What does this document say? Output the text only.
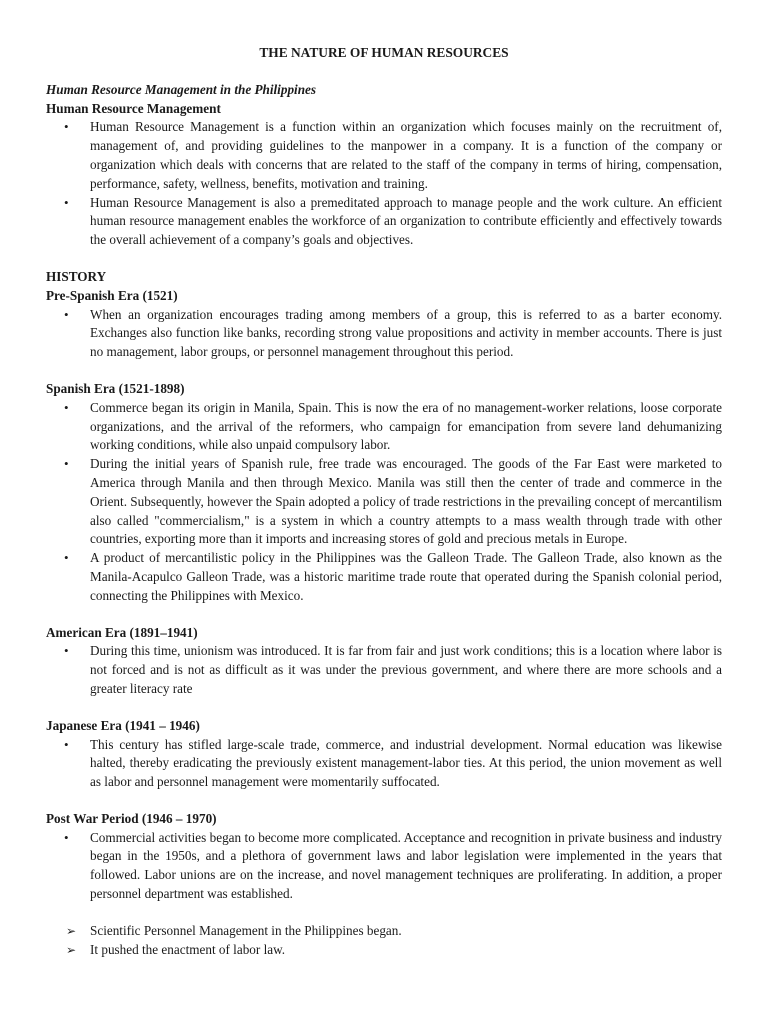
THE NATURE OF HUMAN RESOURCES

Human Resource Management in the Philippines

Human Resource Management

• Human Resource Management is a function within an organization which focuses mainly on the recruitment of, management of, and providing guidelines to the manpower in a company. It is a function of the company or organization which deals with concerns that are related to the staff of the company in terms of hiring, compensation, performance, safety, wellness, benefits, motivation and training.
• Human Resource Management is also a premeditated approach to manage people and the work culture. An efficient human resource management enables the workforce of an organization to contribute efficiently and effectively towards the overall achievement of a company’s goals and objectives.

HISTORY

Pre-Spanish Era (1521)

• When an organization encourages trading among members of a group, this is referred to as a barter economy. Exchanges also function like banks, recording strong value propositions and activity in member accounts. There is just no management, labor groups, or personnel management throughout this period.

Spanish Era (1521-1898)

• Commerce began its origin in Manila, Spain. This is now the era of no management-worker relations, loose corporate organizations, and the arrival of the reformers, who campaign for emancipation from severe land dehumanizing working conditions, while also unpaid compulsory labor.
• During the initial years of Spanish rule, free trade was encouraged. The goods of the Far East were marketed to America through Manila and then through Mexico. Manila was still then the center of trade and commerce in the Orient. Subsequently, however the Spain adopted a policy of trade restrictions in the prevailing concept of mercantilism also called "commercialism," is a system in which a country attempts to a mass wealth through trade with other countries, exporting more than it imports and increasing stores of gold and precious metals in Europe.
• A product of mercantilistic policy in the Philippines was the Galleon Trade. The Galleon Trade, also known as the Manila-Acapulco Galleon Trade, was a historic maritime trade route that operated during the Spanish colonial period, connecting the Philippines with Mexico.

American Era (1891–1941)

• During this time, unionism was introduced. It is far from fair and just work conditions; this is a location where labor is not forced and is not as difficult as it was under the previous government, and where there are more schools and a greater literacy rate

Japanese Era (1941 – 1946)

• This century has stifled large-scale trade, commerce, and industrial development. Normal education was likewise halted, thereby eradicating the previously existent management-labor ties. At this period, the union movement as well as labor and personnel management were momentarily suffocated.

Post War Period (1946 – 1970)

• Commercial activities began to become more complicated. Acceptance and recognition in private business and industry began in the 1950s, and a plethora of government laws and labor legislation were implemented in the years that followed. Labor unions are on the increase, and novel management techniques are proliferating. In addition, a proper personnel department was established.
➢ Scientific Personnel Management in the Philippines began.
➢ It pushed the enactment of labor law.
